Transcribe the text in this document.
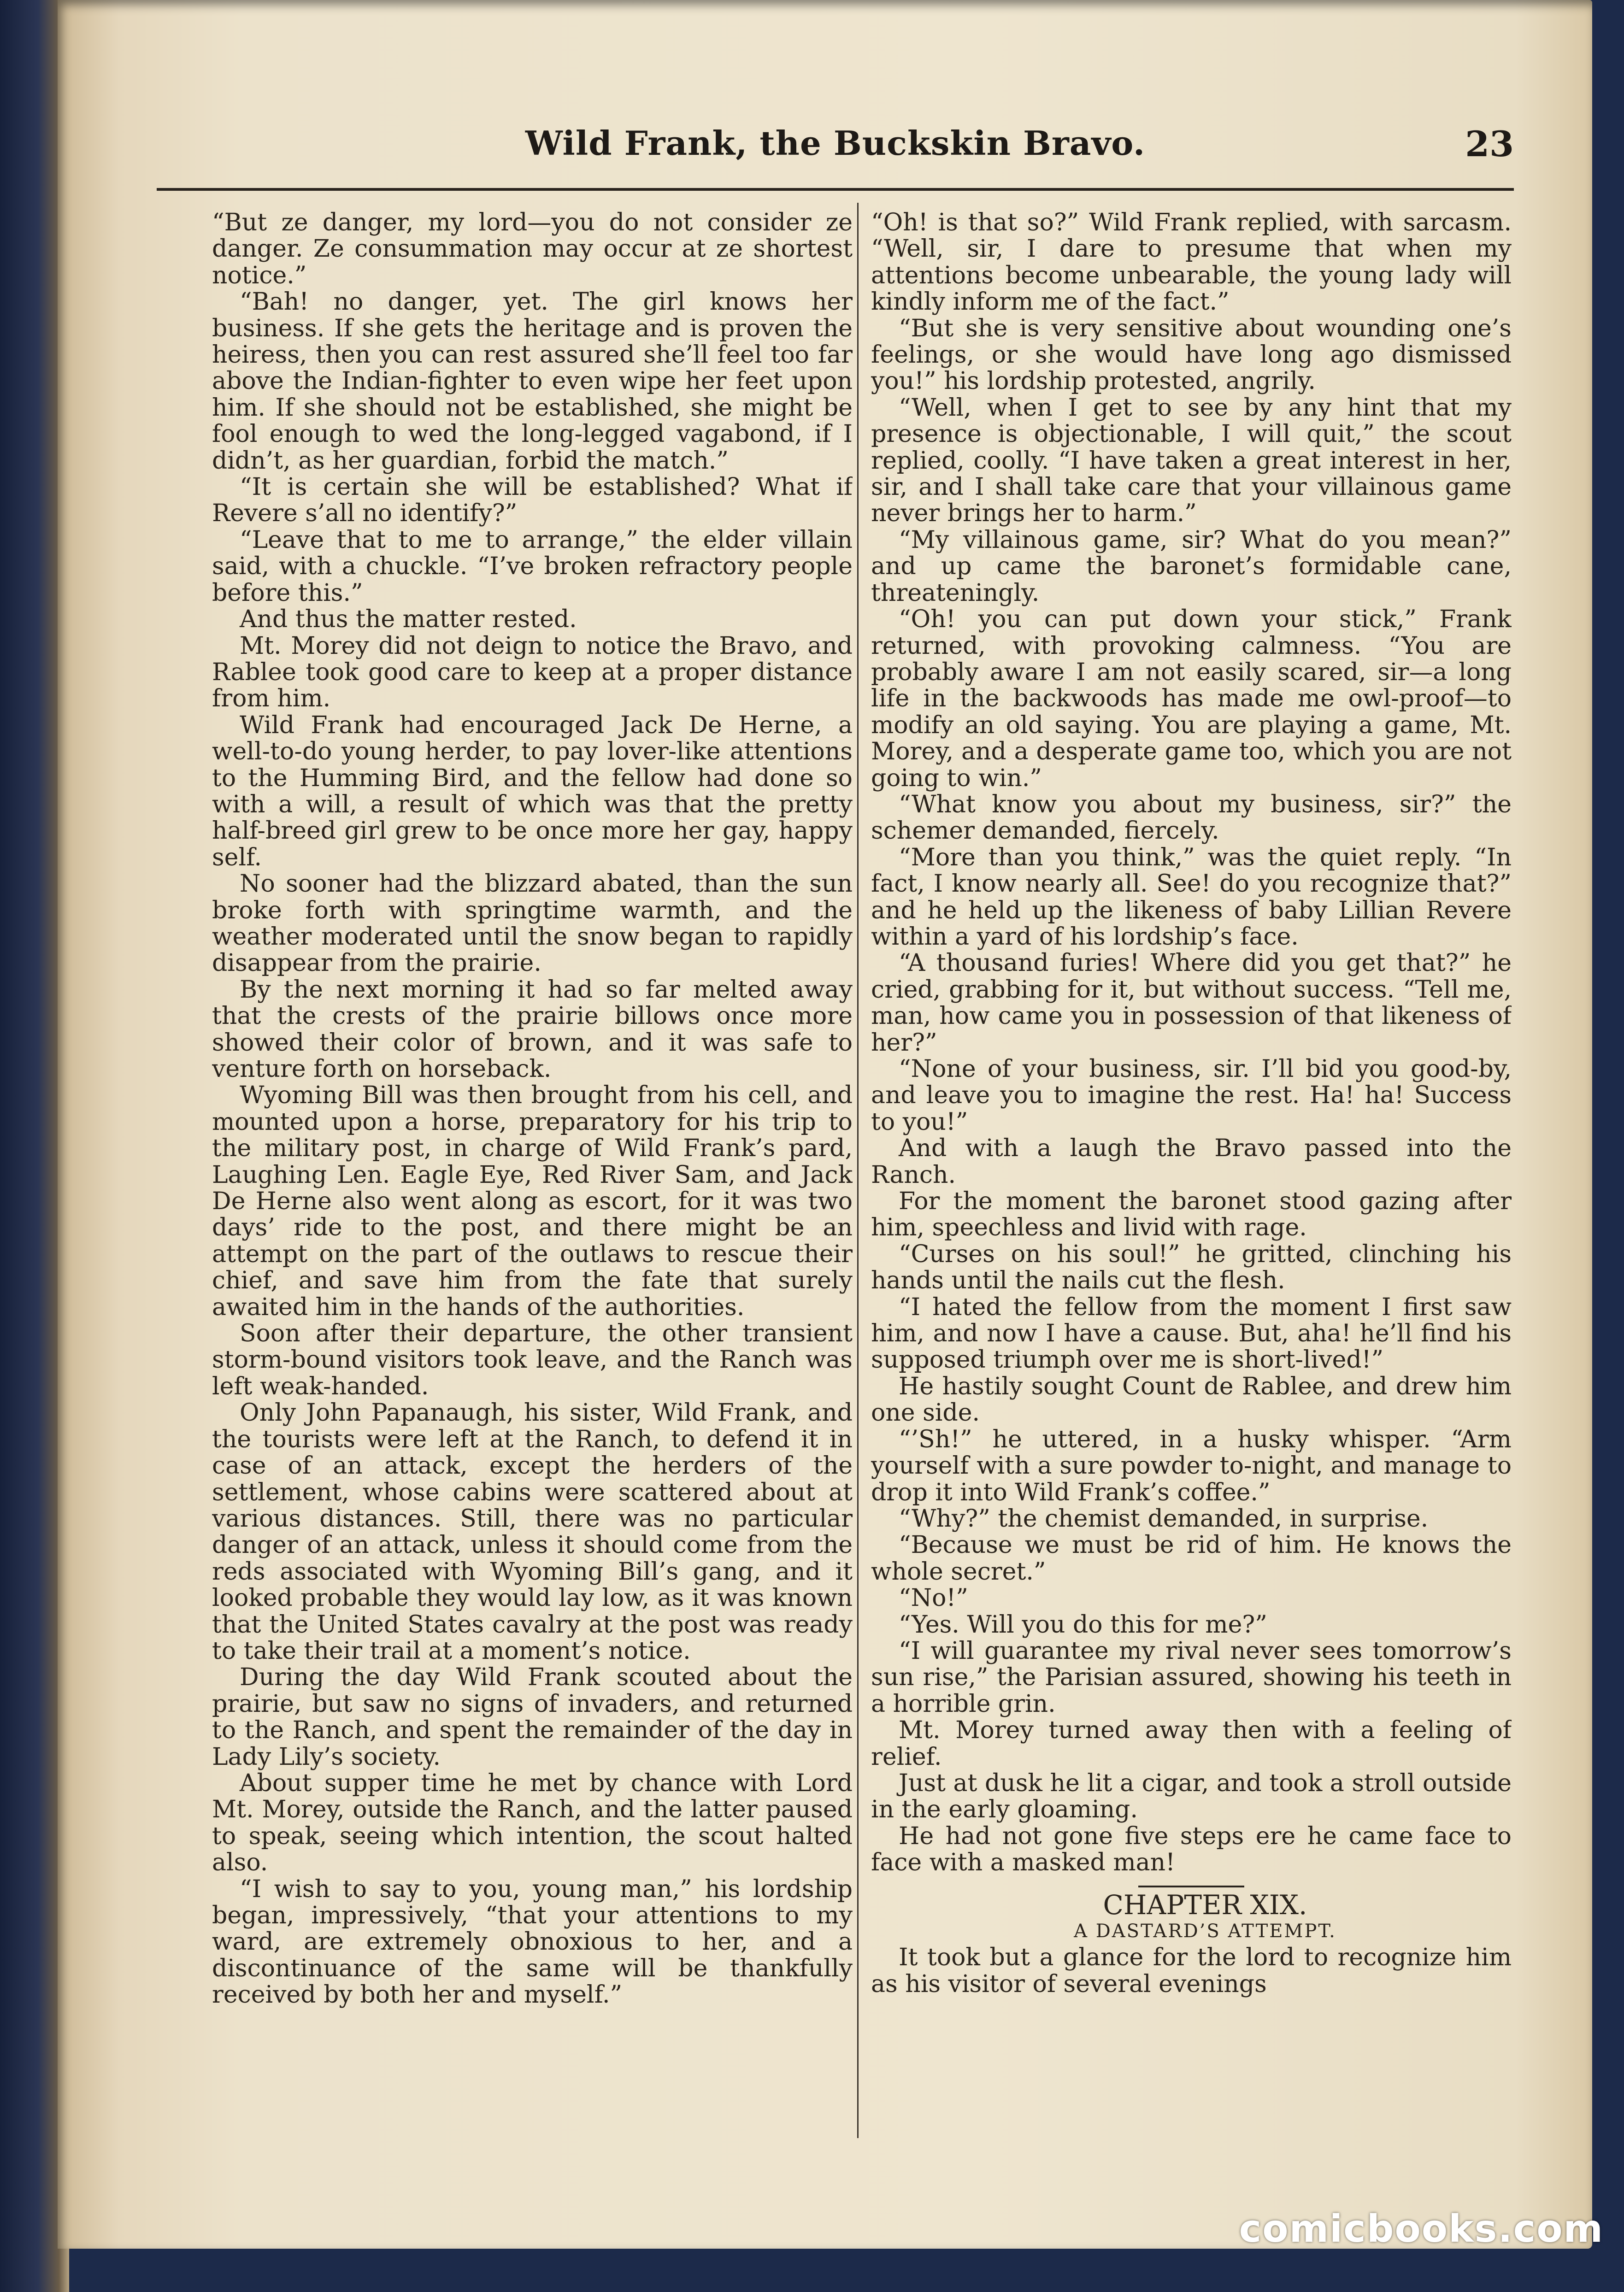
Wild Frank, the Buckskin Bravo.	23

“But ze danger, my lord—you do not consider ze danger. Ze consummation may occur at ze shortest notice.”

“Bah! no danger, yet. The girl knows her business. If she gets the heritage and is proven the heiress, then you can rest assured she’ll feel too far above the Indian-fighter to even wipe her feet upon him. If she should not be established, she might be fool enough to wed the long-legged vagabond, if I didn’t, as her guardian, forbid the match.”

“It is certain she will be established? What if Revere s’all no identify?”

“Leave that to me to arrange,” the elder villain said, with a chuckle. “I’ve broken refractory people before this.”

And thus the matter rested.

Mt. Morey did not deign to notice the Bravo, and Rablee took good care to keep at a proper distance from him.

Wild Frank had encouraged Jack De Herne, a well-to-do young herder, to pay lover-like attentions to the Humming Bird, and the fellow had done so with a will, a result of which was that the pretty half-breed girl grew to be once more her gay, happy self.

No sooner had the blizzard abated, than the sun broke forth with springtime warmth, and the weather moderated until the snow began to rapidly disappear from the prairie.

By the next morning it had so far melted away that the crests of the prairie billows once more showed their color of brown, and it was safe to venture forth on horseback.

Wyoming Bill was then brought from his cell, and mounted upon a horse, preparatory for his trip to the military post, in charge of Wild Frank’s pard, Laughing Len. Eagle Eye, Red River Sam, and Jack De Herne also went along as escort, for it was two days’ ride to the post, and there might be an attempt on the part of the outlaws to rescue their chief, and save him from the fate that surely awaited him in the hands of the authorities.

Soon after their departure, the other transient storm-bound visitors took leave, and the Ranch was left weak-handed.

Only John Papanaugh, his sister, Wild Frank, and the tourists were left at the Ranch, to defend it in case of an attack, except the herders of the settlement, whose cabins were scattered about at various distances. Still, there was no particular danger of an attack, unless it should come from the reds associated with Wyoming Bill’s gang, and it looked probable they would lay low, as it was known that the United States cavalry at the post was ready to take their trail at a moment’s notice.

During the day Wild Frank scouted about the prairie, but saw no signs of invaders, and returned to the Ranch, and spent the remainder of the day in Lady Lily’s society.

About supper time he met by chance with Lord Mt. Morey, outside the Ranch, and the latter paused to speak, seeing which intention, the scout halted also.

“I wish to say to you, young man,” his lordship began, impressively, “that your attentions to my ward, are extremely obnoxious to her, and a discontinuance of the same will be thankfully received by both her and myself.”

“Oh! is that so?” Wild Frank replied, with sarcasm. “Well, sir, I dare to presume that when my attentions become unbearable, the young lady will kindly inform me of the fact.”

“But she is very sensitive about wounding one’s feelings, or she would have long ago dismissed you!” his lordship protested, angrily.

“Well, when I get to see by any hint that my presence is objectionable, I will quit,” the scout replied, coolly. “I have taken a great interest in her, sir, and I shall take care that your villainous game never brings her to harm.”

“My villainous game, sir? What do you mean?” and up came the baronet’s formidable cane, threateningly.

“Oh! you can put down your stick,” Frank returned, with provoking calmness. “You are probably aware I am not easily scared, sir—a long life in the backwoods has made me owl-proof—to modify an old saying. You are playing a game, Mt. Morey, and a desperate game too, which you are not going to win.”

“What know you about my business, sir?” the schemer demanded, fiercely.

“More than you think,” was the quiet reply. “In fact, I know nearly all. See! do you recognize that?” and he held up the likeness of baby Lillian Revere within a yard of his lordship’s face.

“A thousand furies! Where did you get that?” he cried, grabbing for it, but without success. “Tell me, man, how came you in possession of that likeness of her?”

“None of your business, sir. I’ll bid you good-by, and leave you to imagine the rest. Ha! ha! Success to you!”

And with a laugh the Bravo passed into the Ranch.

For the moment the baronet stood gazing after him, speechless and livid with rage.

“Curses on his soul!” he gritted, clinching his hands until the nails cut the flesh.

“I hated the fellow from the moment I first saw him, and now I have a cause. But, aha! he’ll find his supposed triumph over me is short-lived!”

He hastily sought Count de Rablee, and drew him one side.

“’Sh!” he uttered, in a husky whisper. “Arm yourself with a sure powder to-night, and manage to drop it into Wild Frank’s coffee.”

“Why?” the chemist demanded, in surprise.

“Because we must be rid of him. He knows the whole secret.”

“No!”

“Yes. Will you do this for me?”

“I will guarantee my rival never sees tomorrow’s sun rise,” the Parisian assured, showing his teeth in a horrible grin.

Mt. Morey turned away then with a feeling of relief.

Just at dusk he lit a cigar, and took a stroll outside in the early gloaming.

He had not gone five steps ere he came face to face with a masked man!

CHAPTER XIX.

A DASTARD’S ATTEMPT.

It took but a glance for the lord to recognize him as his visitor of several evenings

comicbooks.com
